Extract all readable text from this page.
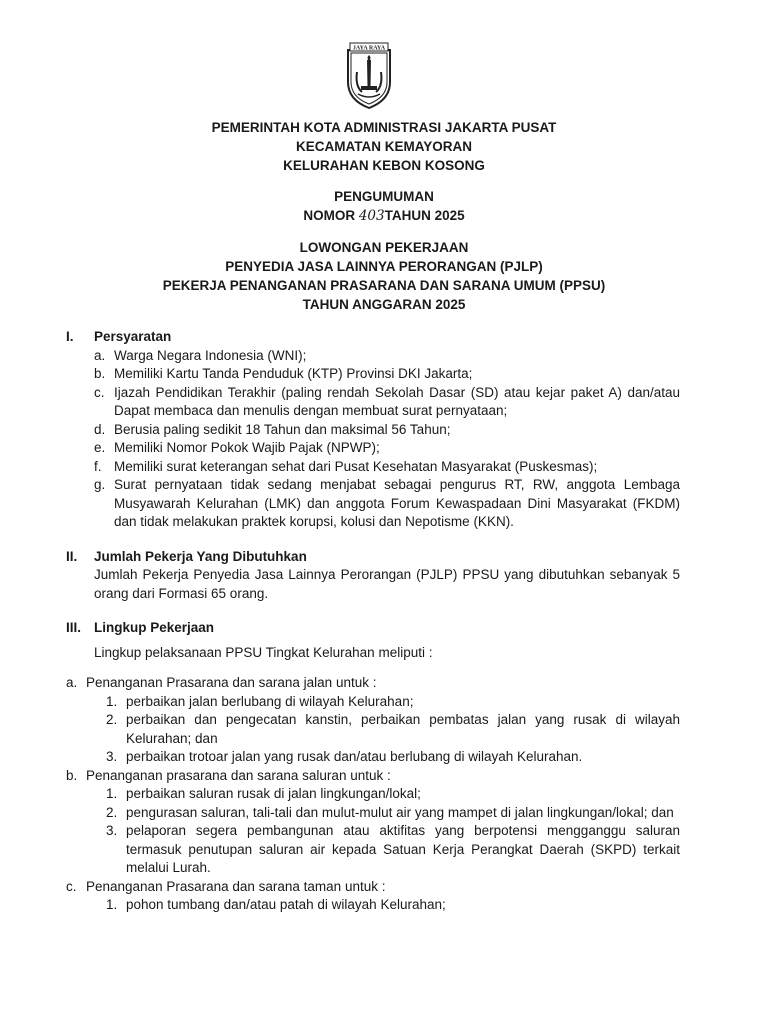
JAYA RAYA
PEMERINTAH KOTA ADMINISTRASI JAKARTA PUSAT
KECAMATAN KEMAYORAN
KELURAHAN KEBON KOSONG
PENGUMUMAN
NOMOR 403TAHUN 2025
LOWONGAN PEKERJAAN
PENYEDIA JASA LAINNYA PERORANGAN (PJLP)
PEKERJA PENANGANAN PRASARANA DAN SARANA UMUM (PPSU)
TAHUN ANGGARAN 2025
I.	Persyaratan
a. Warga Negara Indonesia (WNI);
b. Memiliki Kartu Tanda Penduduk (KTP) Provinsi DKI Jakarta;
c. Ijazah Pendidikan Terakhir (paling rendah Sekolah Dasar (SD) atau kejar paket A) dan/atau Dapat membaca dan menulis dengan membuat surat pernyataan;
d. Berusia paling sedikit 18 Tahun dan maksimal 56 Tahun;
e. Memiliki Nomor Pokok Wajib Pajak (NPWP);
f. Memiliki surat keterangan sehat dari Pusat Kesehatan Masyarakat (Puskesmas);
g. Surat pernyataan tidak sedang menjabat sebagai pengurus RT, RW, anggota Lembaga Musyawarah Kelurahan (LMK) dan anggota Forum Kewaspadaan Dini Masyarakat (FKDM) dan tidak melakukan praktek korupsi, kolusi dan Nepotisme (KKN).
II.	Jumlah Pekerja Yang Dibutuhkan
Jumlah Pekerja Penyedia Jasa Lainnya Perorangan (PJLP) PPSU yang dibutuhkan sebanyak 5 orang dari Formasi 65 orang.
III. Lingkup Pekerjaan
Lingkup pelaksanaan PPSU Tingkat Kelurahan meliputi :
a. Penanganan Prasarana dan sarana jalan untuk :
1. perbaikan jalan berlubang di wilayah Kelurahan;
2. perbaikan dan pengecatan kanstin, perbaikan pembatas jalan yang rusak di wilayah Kelurahan; dan
3. perbaikan trotoar jalan yang rusak dan/atau berlubang di wilayah Kelurahan.
b. Penanganan prasarana dan sarana saluran untuk :
1. perbaikan saluran rusak di jalan lingkungan/lokal;
2. pengurasan saluran, tali-tali dan mulut-mulut air yang mampet di jalan lingkungan/lokal; dan
3. pelaporan segera pembangunan atau aktifitas yang berpotensi mengganggu saluran termasuk penutupan saluran air kepada Satuan Kerja Perangkat Daerah (SKPD) terkait melalui Lurah.
c. Penanganan Prasarana dan sarana taman untuk :
1. pohon tumbang dan/atau patah di wilayah Kelurahan;
